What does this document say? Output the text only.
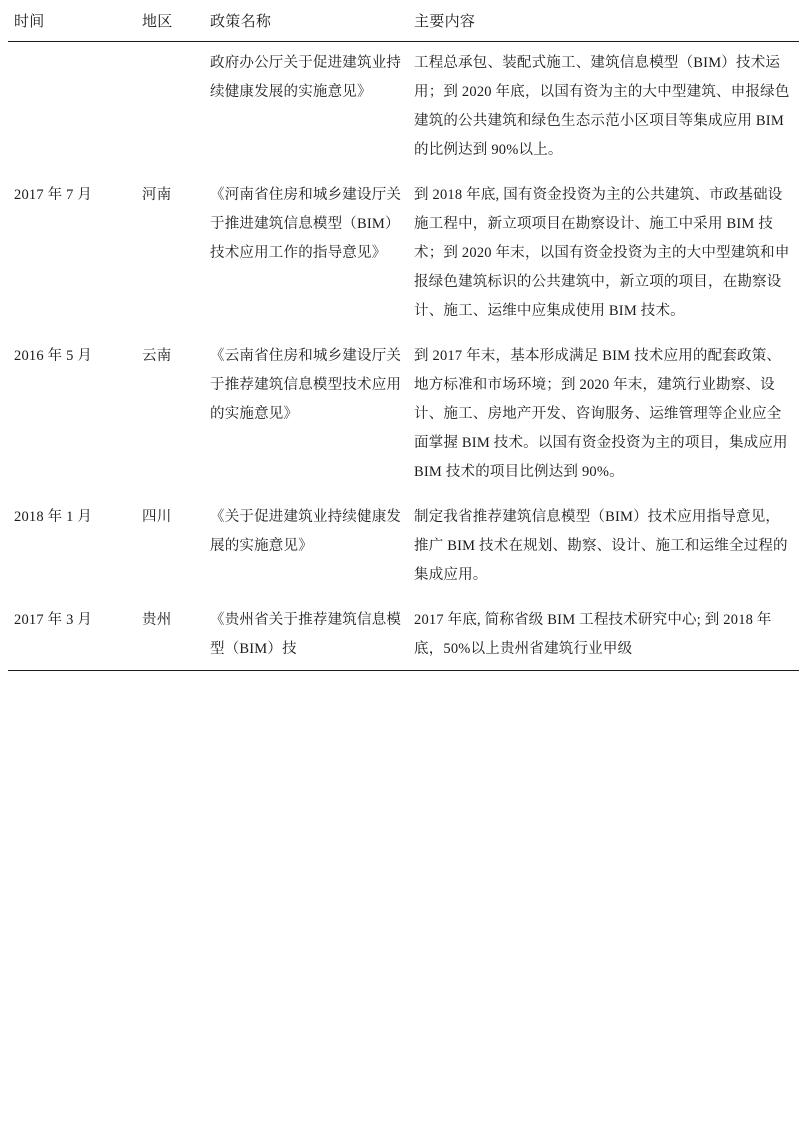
时间	地区	政策名称	主要内容
		政府办公厅关于促进建筑业持续健康发展的实施意见》	工程总承包、装配式施工、建筑信息模型（BIM）技术运用；到 2020 年底，以国有资为主的大中型建筑、申报绿色建筑的公共建筑和绿色生态示范小区项目等集成应用 BIM 的比例达到 90%以上。
2017 年 7 月	河南	《河南省住房和城乡建设厅关于推进建筑信息模型（BIM）技术应用工作的指导意见》	到 2018 年底, 国有资金投资为主的公共建筑、市政基础设施工程中，新立项项目在勘察设计、施工中采用 BIM 技术；到 2020 年末，以国有资金投资为主的大中型建筑和申报绿色建筑标识的公共建筑中，新立项的项目，在勘察设计、施工、运维中应集成使用 BIM 技术。
2016 年 5 月	云南	《云南省住房和城乡建设厅关于推荐建筑信息模型技术应用的实施意见》	到 2017 年末，基本形成满足 BIM 技术应用的配套政策、地方标准和市场环境；到 2020 年末，建筑行业勘察、设计、施工、房地产开发、咨询服务、运维管理等企业应全面掌握 BIM 技术。以国有资金投资为主的项目，集成应用 BIM 技术的项目比例达到 90%。
2018 年 1 月	四川	《关于促进建筑业持续健康发展的实施意见》	制定我省推荐建筑信息模型（BIM）技术应用指导意见，推广 BIM 技术在规划、勘察、设计、施工和运维全过程的集成应用。
2017 年 3 月	贵州	《贵州省关于推荐建筑信息模型（BIM）技	2017 年底, 简称省级 BIM 工程技术研究中心; 到 2018 年底，50%以上贵州省建筑行业甲级
